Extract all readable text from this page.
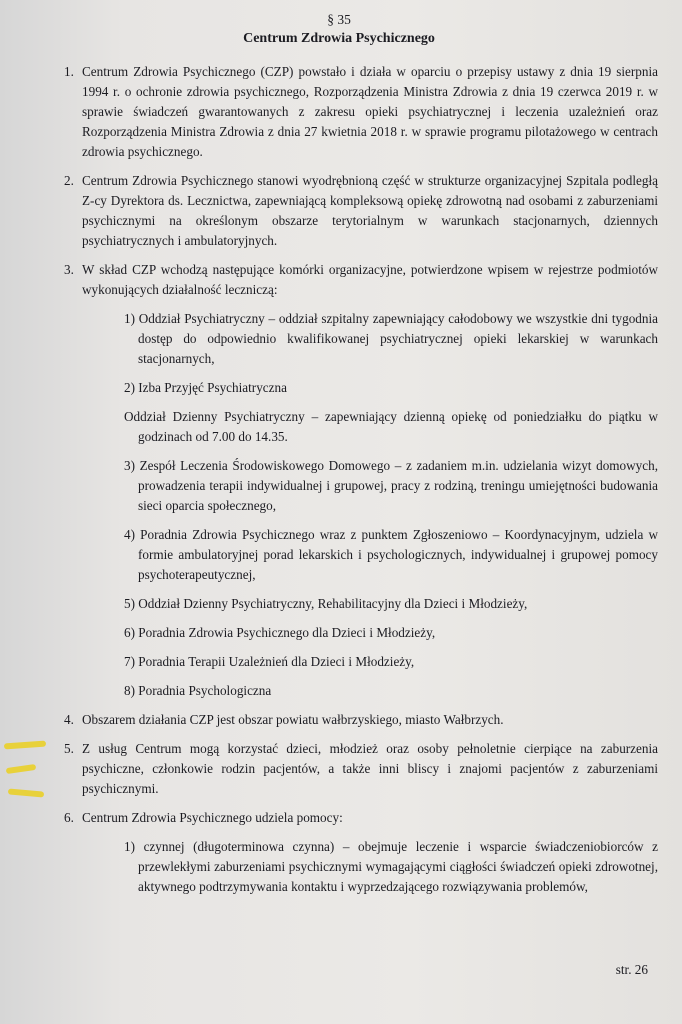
§ 35
Centrum Zdrowia Psychicznego
1. Centrum Zdrowia Psychicznego (CZP) powstało i działa w oparciu o przepisy ustawy z dnia 19 sierpnia 1994 r. o ochronie zdrowia psychicznego, Rozporządzenia Ministra Zdrowia z dnia 19 czerwca 2019 r. w sprawie świadczeń gwarantowanych z zakresu opieki psychiatrycznej i leczenia uzależnień oraz Rozporządzenia Ministra Zdrowia z dnia 27 kwietnia 2018 r. w sprawie programu pilotażowego w centrach zdrowia psychicznego.

2. Centrum Zdrowia Psychicznego stanowi wyodrębnioną część w strukturze organizacyjnej Szpitala podległą Z-cy Dyrektora ds. Lecznictwa, zapewniającą kompleksową opiekę zdrowotną nad osobami z zaburzeniami psychicznymi na określonym obszarze terytorialnym w warunkach stacjonarnych, dziennych psychiatrycznych i ambulatoryjnych.

3. W skład CZP wchodzą następujące komórki organizacyjne, potwierdzone wpisem w rejestrze podmiotów wykonujących działalność leczniczą:

1) Oddział Psychiatryczny – oddział szpitalny zapewniający całodobowy we wszystkie dni tygodnia dostęp do odpowiednio kwalifikowanej psychiatrycznej opieki lekarskiej w warunkach stacjonarnych,
2) Izba Przyjęć Psychiatryczna
Oddział Dzienny Psychiatryczny – zapewniający dzienną opiekę od poniedziałku do piątku w godzinach od 7.00 do 14.35.
3) Zespół Leczenia Środowiskowego Domowego – z zadaniem m.in. udzielania wizyt domowych, prowadzenia terapii indywidualnej i grupowej, pracy z rodziną, treningu umiejętności budowania sieci oparcia społecznego,
4) Poradnia Zdrowia Psychicznego wraz z punktem Zgłoszeniowo – Koordynacyjnym, udziela w formie ambulatoryjnej porad lekarskich i psychologicznych, indywidualnej i grupowej pomocy psychoterapeutycznej,
5) Oddział Dzienny Psychiatryczny, Rehabilitacyjny dla Dzieci i Młodzieży,
6) Poradnia Zdrowia Psychicznego dla Dzieci i Młodzieży,
7) Poradnia Terapii Uzależnień dla Dzieci i Młodzieży,
8) Poradnia Psychologiczna
4. Obszarem działania CZP jest obszar powiatu wałbrzyskiego, miasto Wałbrzych.

5. Z usług Centrum mogą korzystać dzieci, młodzież oraz osoby pełnoletnie cierpiące na zaburzenia psychiczne, członkowie rodzin pacjentów, a także inni bliscy i znajomi pacjentów z zaburzeniami psychicznymi.

6. Centrum Zdrowia Psychicznego udziela pomocy:

1) czynnej (długoterminowa czynna) – obejmuje leczenie i wsparcie świadczeniobiorców z przewlekłymi zaburzeniami psychicznymi wymagającymi ciągłości świadczeń opieki zdrowotnej, aktywnego podtrzymywania kontaktu i wyprzedzającego rozwiązywania problemów,
str. 26
